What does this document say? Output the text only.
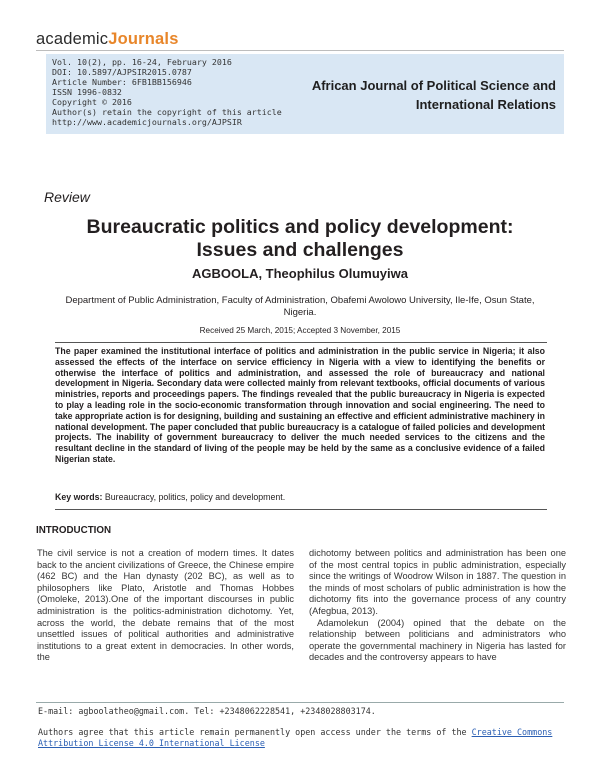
academicJournals
Vol. 10(2), pp. 16-24, February 2016
DOI: 10.5897/AJPSIR2015.0787
Article Number: 6FB1BB156946
ISSN 1996-0832
Copyright © 2016
Author(s) retain the copyright of this article
http://www.academicjournals.org/AJPSIR
African Journal of Political Science and
International Relations
Review
Bureaucratic politics and policy development:
Issues and challenges
AGBOOLA, Theophilus Olumuyiwa
Department of Public Administration, Faculty of Administration, Obafemi Awolowo University, Ile-Ife, Osun State, Nigeria.
Received 25 March, 2015; Accepted 3 November, 2015
The paper examined the institutional interface of politics and administration in the public service in Nigeria; it also assessed the effects of the interface on service efficiency in Nigeria with a view to identifying the benefits or otherwise the interface of politics and administration, and assessed the role of bureaucracy and national development in Nigeria. Secondary data were collected mainly from relevant textbooks, official documents of various ministries, reports and proceedings papers. The findings revealed that the public bureaucracy in Nigeria is expected to play a leading role in the socio-economic transformation through innovation and social engineering. The need to take appropriate action is for designing, building and sustaining an effective and efficient administrative machinery in national development. The paper concluded that public bureaucracy is a catalogue of failed policies and development projects. The inability of government bureaucracy to deliver the much needed services to the citizens and the resultant decline in the standard of living of the people may be held by the same as a conclusive evidence of a failed Nigerian state.
Key words: Bureaucracy, politics, policy and development.
INTRODUCTION

The civil service is not a creation of modern times. It dates back to the ancient civilizations of Greece, the Chinese empire (462 BC) and the Han dynasty (202 BC), as well as to philosophers like Plato, Aristotle and Thomas Hobbes (Omoleke, 2013).One of the important discourses in public administration is the politics-administration dichotomy. Yet, across the world, the debate remains that of the most unsettled issues of political authorities and administrative institutions to a great extent in democracies. In other words, the

dichotomy between politics and administration has been one of the most central topics in public administration, especially since the writings of Woodrow Wilson in 1887. The question in the minds of most scholars of public administration is how the dichotomy fits into the governance process of any country (Afegbua, 2013).

Adamolekun (2004) opined that the debate on the relationship between politicians and administrators who operate the governmental machinery in Nigeria has lasted for decades and the controversy appears to have

E-mail: agboolatheo@gmail.com. Tel: +2348062228541, +2348028803174.
Authors agree that this article remain permanently open access under the terms of the Creative Commons Attribution License 4.0 International License
